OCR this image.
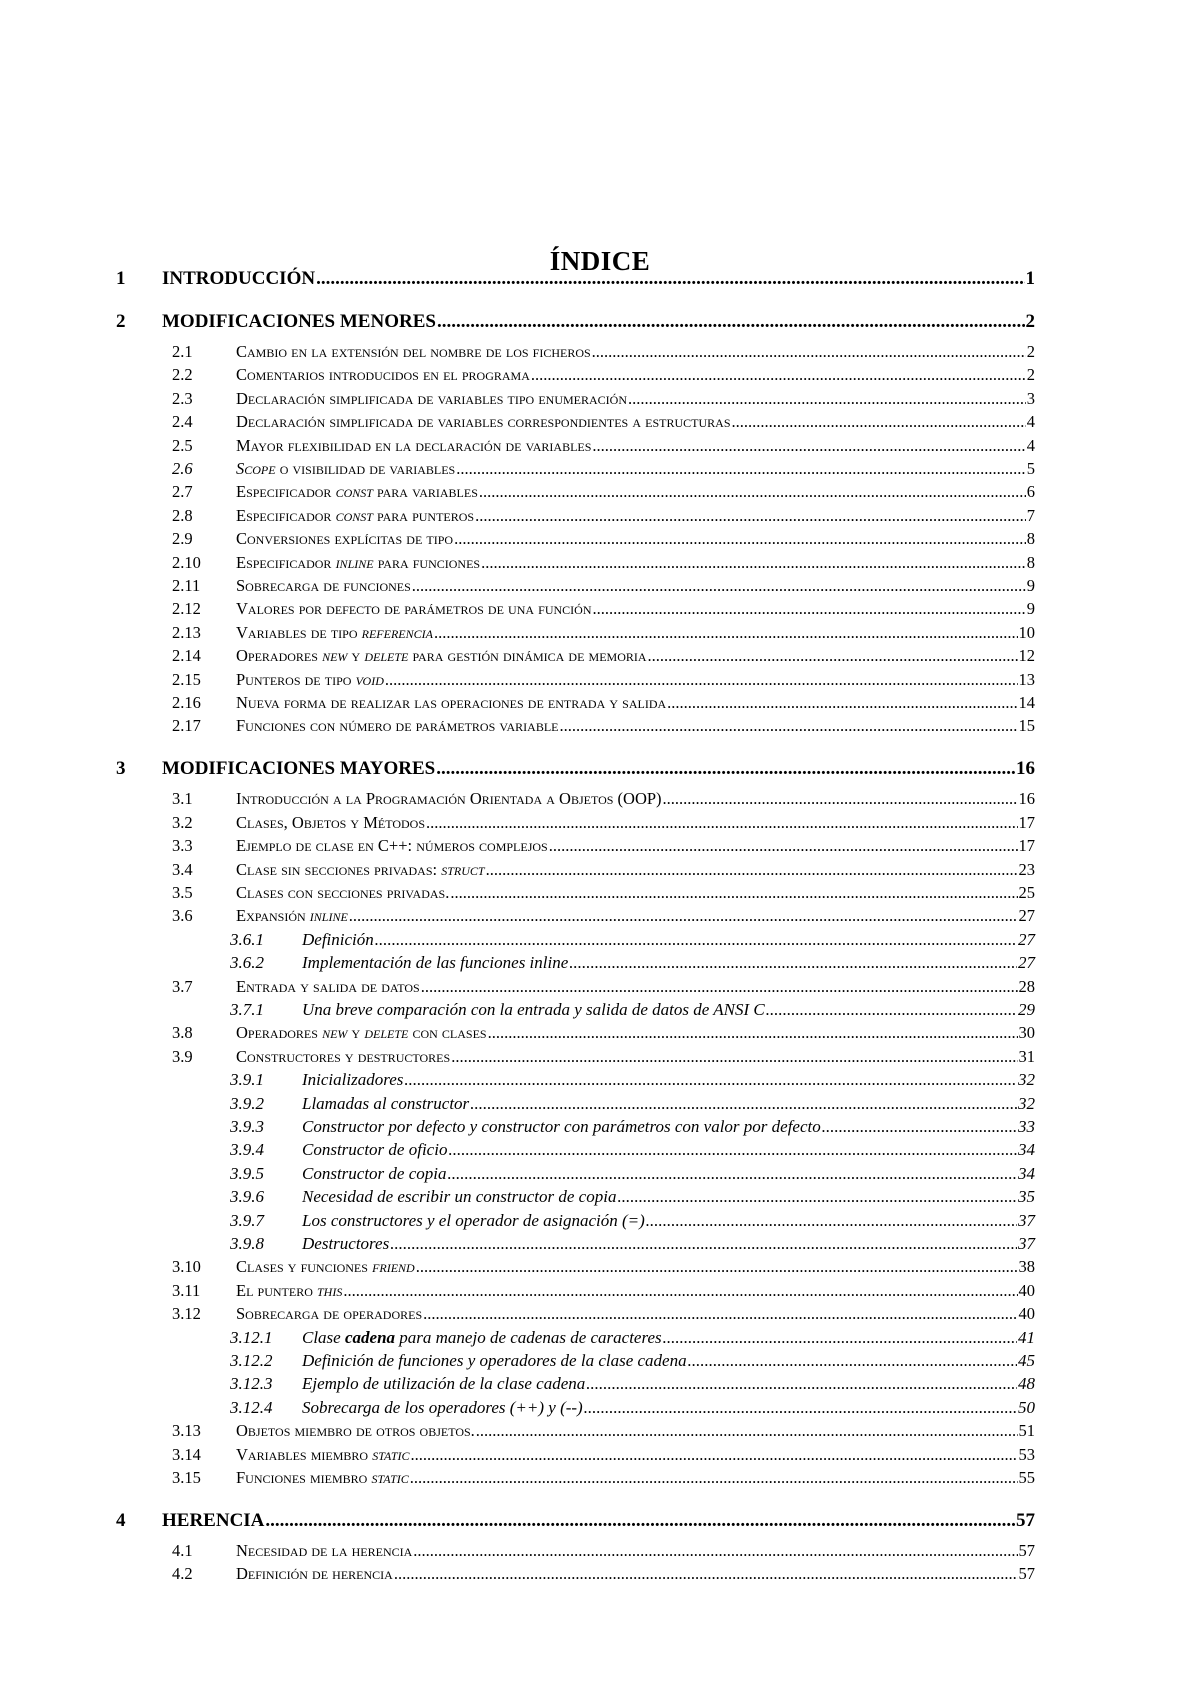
ÍNDICE
1	INTRODUCCIÓN .....	1
2	MODIFICACIONES MENORES .....	2
2.1	Cambio en la extensión del nombre de los ficheros .....	2
2.2	Comentarios introducidos en el programa .....	2
2.3	Declaración simplificada de variables tipo enumeración .....	3
2.4	Declaración simplificada de variables correspondientes a estructuras .....	4
2.5	Mayor flexibilidad en la declaración de variables .....	4
2.6	Scope o visibilidad de variables .....	5
2.7	Especificador const para variables .....	6
2.8	Especificador const para punteros .....	7
2.9	Conversiones explícitas de tipo .....	8
2.10	Especificador inline para funciones .....	8
2.11	Sobrecarga de funciones .....	9
2.12	Valores por defecto de parámetros de una función .....	9
2.13	Variables de tipo referencia .....	10
2.14	Operadores new y delete para gestión dinámica de memoria .....	12
2.15	Punteros de tipo void .....	13
2.16	Nueva forma de realizar las operaciones de entrada y salida .....	14
2.17	Funciones con número de parámetros variable .....	15
3	MODIFICACIONES MAYORES .....	16
3.1	Introducción a la Programación Orientada a Objetos (OOP) .....	16
3.2	Clases, Objetos y Métodos .....	17
3.3	Ejemplo de clase en C++: números complejos .....	17
3.4	Clase sin secciones privadas: struct .....	23
3.5	Clases con secciones privadas. .....	25
3.6	Expansión inline .....	27
3.6.1	Definición .....	27
3.6.2	Implementación de las funciones inline .....	27
3.7	Entrada y salida de datos .....	28
3.7.1	Una breve comparación con la entrada y salida de datos de ANSI C .....	29
3.8	Operadores new y delete con clases .....	30
3.9	Constructores y destructores .....	31
3.9.1	Inicializadores .....	32
3.9.2	Llamadas al constructor .....	32
3.9.3	Constructor por defecto y constructor con parámetros con valor por defecto .....	33
3.9.4	Constructor de oficio .....	34
3.9.5	Constructor de copia .....	34
3.9.6	Necesidad de escribir un constructor de copia .....	35
3.9.7	Los constructores y el operador de asignación (=) .....	37
3.9.8	Destructores .....	37
3.10	Clases y funciones friend .....	38
3.11	El puntero this .....	40
3.12	Sobrecarga de operadores .....	40
3.12.1	Clase cadena para manejo de cadenas de caracteres .....	41
3.12.2	Definición de funciones y operadores de la clase cadena .....	45
3.12.3	Ejemplo de utilización de la clase cadena .....	48
3.12.4	Sobrecarga de los operadores (++) y (--) .....	50
3.13	Objetos miembro de otros objetos. .....	51
3.14	Variables miembro static .....	53
3.15	Funciones miembro static .....	55
4	HERENCIA .....	57
4.1	Necesidad de la herencia .....	57
4.2	Definición de herencia .....	57
